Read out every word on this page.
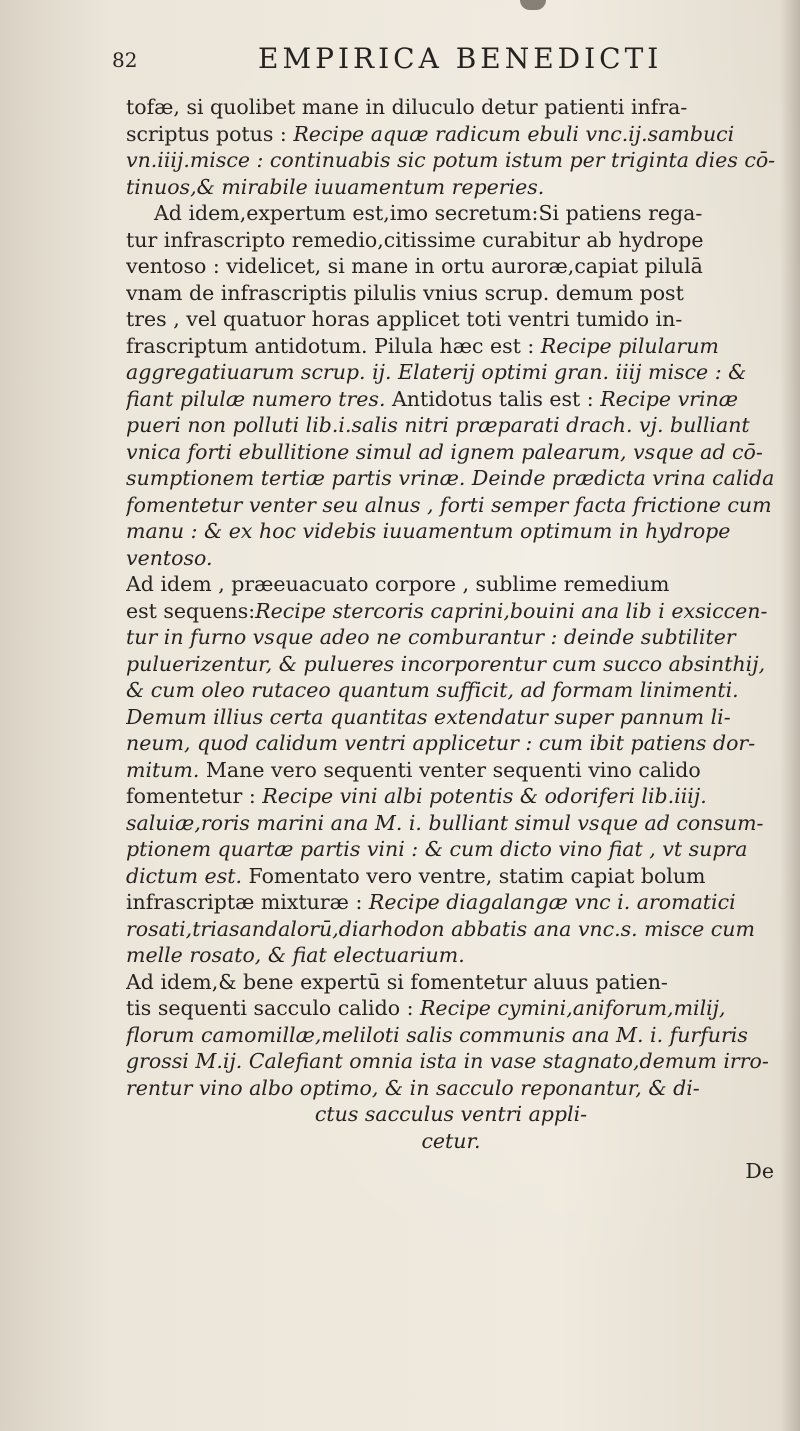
82	EMPIRICA BENEDICTI
tofæ, si quolibet mane in diluculo detur patienti infra-
scriptus potus : Recipe aquæ radicum ebuli vnc.ij.sambuci
vn.iiij.misce : continuabis sic potum istum per triginta dies cō-
tinuos,& mirabile iuuamentum reperies.
Ad idem,expertum est,imo secretum:Si patiens rega-
tur infrascripto remedio,citissime curabitur ab hydrope
ventoso : videlicet, si mane in ortu auroræ,capiat pilulā
vnam de infrascriptis pilulis vnius scrup. demum post
tres , vel quatuor horas applicet toti ventri tumido in-
frascriptum antidotum. Pilula hæc est : Recipe pilularum
aggregatiuarum scrup. ij. Elaterij optimi gran. iiij misce : &
fiant pilulæ numero tres. Antidotus talis est : Recipe vrinæ
pueri non polluti lib.i.salis nitri præparati drach. vj. bulliant
vnica forti ebullitione simul ad ignem palearum, vsque ad cō-
sumptionem tertiæ partis vrinæ. Deinde prædicta vrina calida
fomentetur venter seu alnus , forti semper facta frictione cum
manu : & ex hoc videbis iuuamentum optimum in hydrope
ventoso.
Ad idem , præeuacuato corpore , sublime remedium
est sequens:Recipe stercoris caprini,bouini ana lib i exsiccen-
tur in furno vsque adeo ne comburantur : deinde subtiliter
puluerizentur, & pulueres incorporentur cum succo absinthij,
& cum oleo rutaceo quantum sufficit, ad formam linimenti.
Demum illius certa quantitas extendatur super pannum li-
neum, quod calidum ventri applicetur : cum ibit patiens dor-
mitum. Mane vero sequenti venter sequenti vino calido
fomentetur : Recipe vini albi potentis & odoriferi lib.iiij.
saluiæ,roris marini ana M. i. bulliant simul vsque ad consum-
ptionem quartæ partis vini : & cum dicto vino fiat , vt supra
dictum est. Fomentato vero ventre, statim capiat bolum
infrascriptæ mixturæ : Recipe diagalangæ vnc i. aromatici
rosati,triasandalorū,diarhodon abbatis ana vnc.s. misce cum
melle rosato, & fiat electuarium.
Ad idem,& bene expertū si fomentetur aluus patien-
tis sequenti sacculo calido : Recipe cymini,aniforum,milij,
florum camomillæ,meliloti salis communis ana M. i. furfuris
grossi M.ij. Calefiant omnia ista in vase stagnato,demum irro-
rentur vino albo optimo, & in sacculo reponantur, & di-
ctus sacculus ventri appli-
cetur.
De
